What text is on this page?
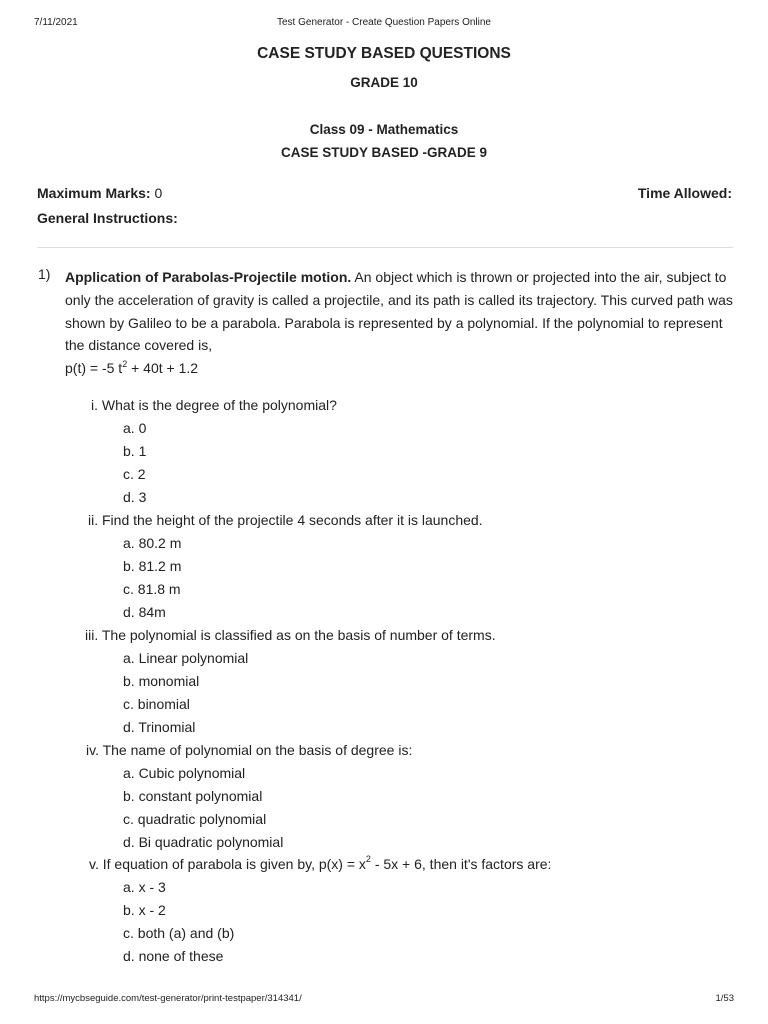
7/11/2021	Test Generator - Create Question Papers Online
CASE STUDY BASED QUESTIONS
GRADE 10
Class 09 - Mathematics
CASE STUDY BASED -GRADE 9
Maximum Marks: 0	Time Allowed:
General Instructions:
1) Application of Parabolas-Projectile motion. An object which is thrown or projected into the air, subject to only the acceleration of gravity is called a projectile, and its path is called its trajectory. This curved path was shown by Galileo to be a parabola. Parabola is represented by a polynomial. If the polynomial to represent the distance covered is,
p(t) = -5 $t^2 + 40t + 1.2$
i. What is the degree of the polynomial?
a. 0
b. 1
c. 2
d. 3
ii. Find the height of the projectile 4 seconds after it is launched.
a. 80.2 m
b. 81.2 m
c. 81.8 m
d. 84m
iii. The polynomial is classified as on the basis of number of terms.
a. Linear polynomial
b. monomial
c. binomial
d. Trinomial
iv. The name of polynomial on the basis of degree is:
a. Cubic polynomial
b. constant polynomial
c. quadratic polynomial
d. Bi quadratic polynomial
v. If equation of parabola is given by, $p(x) = x^2 - 5x + 6$, then it's factors are:
a. x - 3
b. x - 2
c. both (a) and (b)
d. none of these
https://mycbseguide.com/test-generator/print-testpaper/314341/	1/53
